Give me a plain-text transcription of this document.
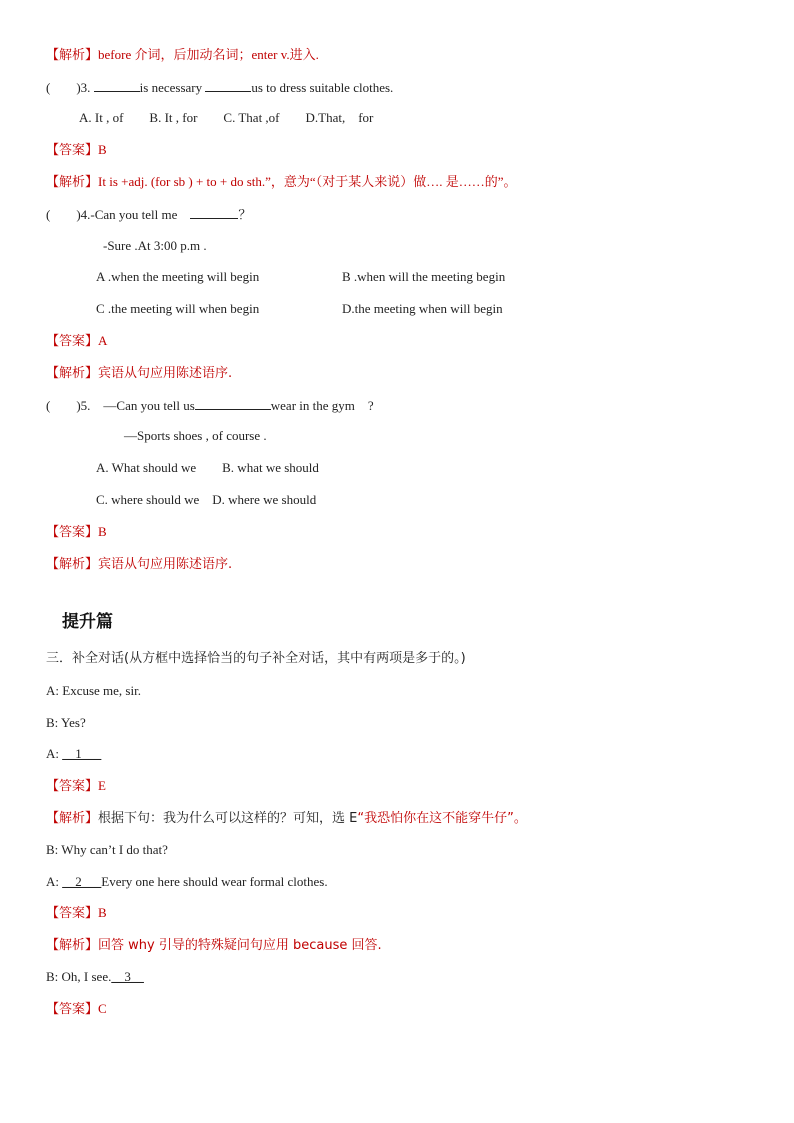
【解析】before 介词，后加动名词；enter v.进入.
(　　)3.	is necessary	us to dress suitable clothes.
A. It , of　　B. It , for　　C. That ,of　　D.That,　for
【答案】B
【解析】It is +adj. (for sb ) + to + do sth.”，意为“（对于某人来说）做…. 是……的”。
(　　)4.-Can you tell me　	？
-Sure .At 3:00 p.m .
A .when the meeting will begin	B .when will the meeting begin
C .the meeting will when begin	D.the meeting when will begin
【答案】A
【解析】宾语从句应用陈述语序.
(　　)5.　—Can you tell us	wear in the gym　?
—Sports shoes , of course .
A. What should we　　B. what we should
C. where should we　D. where we should
【答案】B
【解析】宾语从句应用陈述语序.
提升篇
三．补全对话(从方框中选择恰当的句子补全对话，其中有两项是多于的。)
A: Excuse me, sir.
B: Yes?
A: __1___
【答案】E
【解析】根据下句：我为什么可以这样的？可知，选 E“我恐怕你在这不能穿牛仔”。
B: Why can’t I do that?
A: __2___Every one here should wear formal clothes.
【答案】B
【解析】回答 why 引导的特殊疑问句应用 because 回答.
B: Oh, I see.__3__
【答案】C
